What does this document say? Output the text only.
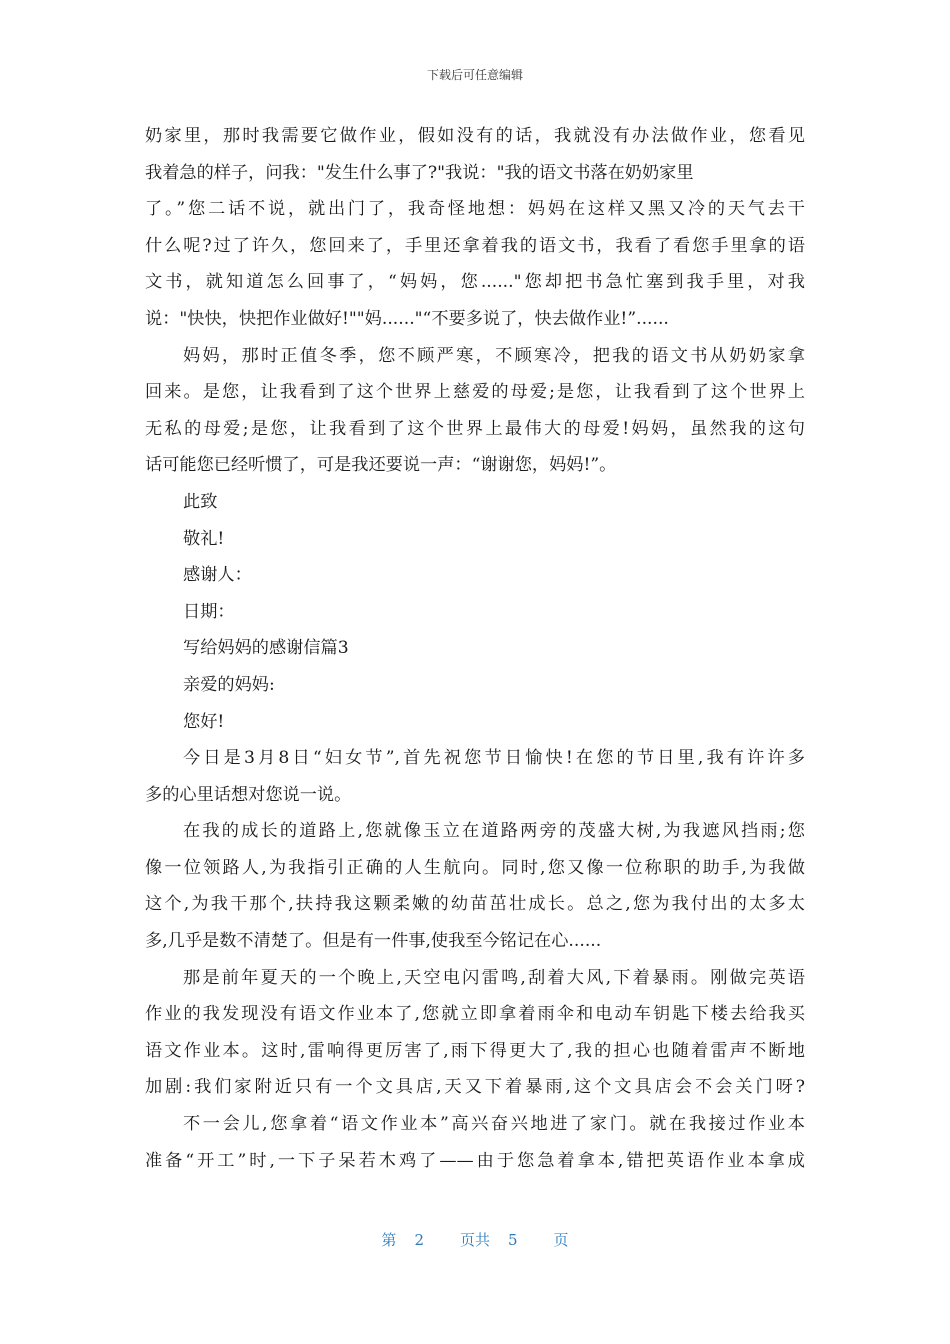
下载后可任意编辑
奶家里，那时我需要它做作业，假如没有的话，我就没有办法做作业，您看见
我着急的样子，问我："发生什么事了?"我说："我的语文书落在奶奶家里
了。”您二话不说，就出门了，我奇怪地想：妈妈在这样又黑又冷的天气去干
什么呢?过了许久，您回来了，手里还拿着我的语文书，我看了看您手里拿的语
文书，就知道怎么回事了，“妈妈，您......"您却把书急忙塞到我手里，对我
说："快快，快把作业做好!""妈......"“不要多说了，快去做作业!”......
妈妈，那时正值冬季，您不顾严寒，不顾寒冷，把我的语文书从奶奶家拿
回来。是您，让我看到了这个世界上慈爱的母爱;是您，让我看到了这个世界上
无私的母爱;是您，让我看到了这个世界上最伟大的母爱!妈妈，虽然我的这句
话可能您已经听惯了，可是我还要说一声：“谢谢您，妈妈!”。
此致
敬礼!
感谢人：
日期：
写给妈妈的感谢信篇3
亲爱的妈妈:
您好!
今日是3月8日“妇女节”,首先祝您节日愉快!在您的节日里,我有许许多
多的心里话想对您说一说。
在我的成长的道路上,您就像玉立在道路两旁的茂盛大树,为我遮风挡雨;您
像一位领路人,为我指引正确的人生航向。同时,您又像一位称职的助手,为我做
这个,为我干那个,扶持我这颗柔嫩的幼苗茁壮成长。总之,您为我付出的太多太
多,几乎是数不清楚了。但是有一件事,使我至今铭记在心......
那是前年夏天的一个晚上,天空电闪雷鸣,刮着大风,下着暴雨。刚做完英语
作业的我发现没有语文作业本了,您就立即拿着雨伞和电动车钥匙下楼去给我买
语文作业本。这时,雷响得更厉害了,雨下得更大了,我的担心也随着雷声不断地
加剧:我们家附近只有一个文具店,天又下着暴雨,这个文具店会不会关门呀?
不一会儿,您拿着“语文作业本”高兴奋兴地进了家门。就在我接过作业本
准备“开工”时,一下子呆若木鸡了——由于您急着拿本,错把英语作业本拿成
第 2 页共 5 页
